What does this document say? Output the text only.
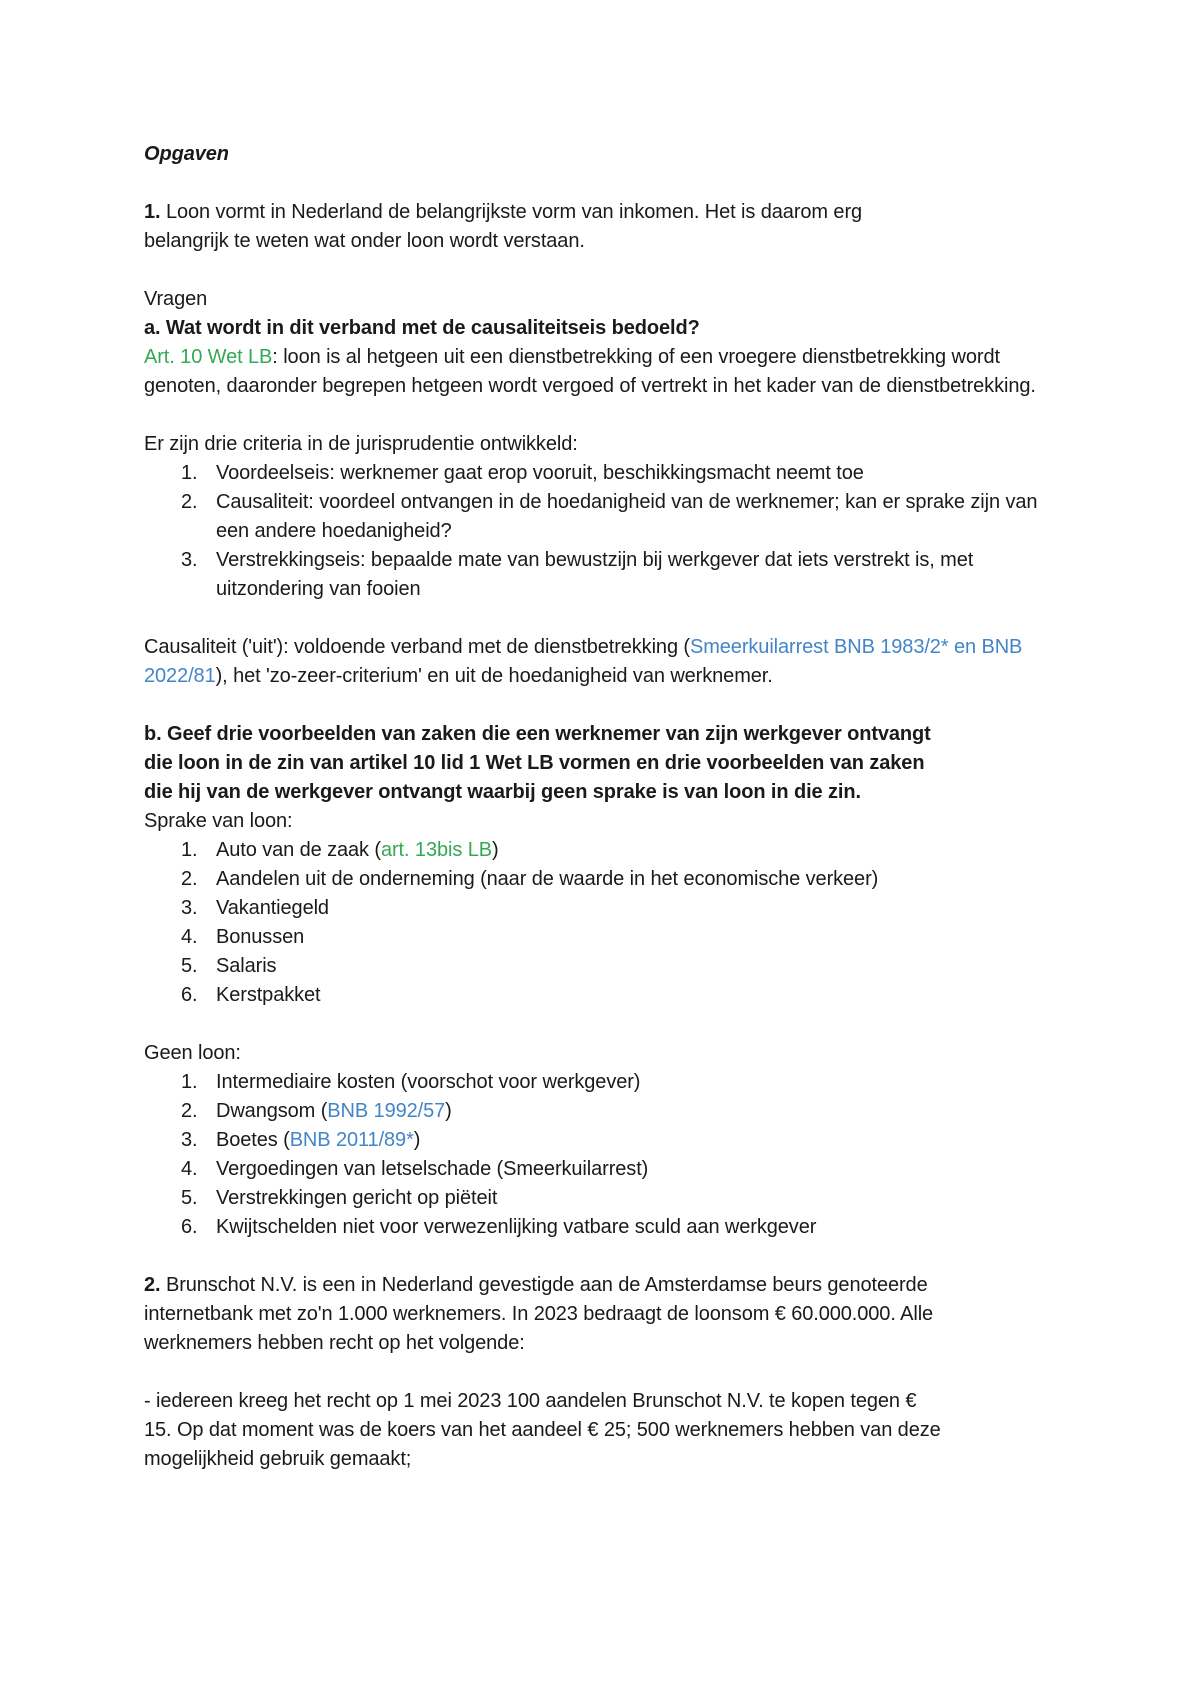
Opgaven

1. Loon vormt in Nederland de belangrijkste vorm van inkomen. Het is daarom erg belangrijk te weten wat onder loon wordt verstaan.

Vragen

a. Wat wordt in dit verband met de causaliteitseis bedoeld?

Art. 10 Wet LB: loon is al hetgeen uit een dienstbetrekking of een vroegere dienstbetrekking wordt genoten, daaronder begrepen hetgeen wordt vergoed of vertrekt in het kader van de dienstbetrekking.

Er zijn drie criteria in de jurisprudentie ontwikkeld:

1. Voordeelseis: werknemer gaat erop vooruit, beschikkingsmacht neemt toe
2. Causaliteit: voordeel ontvangen in de hoedanigheid van de werknemer; kan er sprake zijn van een andere hoedanigheid?
3. Verstrekkingseis: bepaalde mate van bewustzijn bij werkgever dat iets verstrekt is, met uitzondering van fooien

Causaliteit ('uit'): voldoende verband met de dienstbetrekking (Smeerkuilarrest BNB 1983/2* en BNB 2022/81), het 'zo-zeer-criterium' en uit de hoedanigheid van werknemer.

b. Geef drie voorbeelden van zaken die een werknemer van zijn werkgever ontvangt die loon in de zin van artikel 10 lid 1 Wet LB vormen en drie voorbeelden van zaken die hij van de werkgever ontvangt waarbij geen sprake is van loon in die zin.

Sprake van loon:

1. Auto van de zaak (art. 13bis LB)
2. Aandelen uit de onderneming (naar de waarde in het economische verkeer)
3. Vakantiegeld
4. Bonussen
5. Salaris
6. Kerstpakket

Geen loon:

1. Intermediaire kosten (voorschot voor werkgever)
2. Dwangsom (BNB 1992/57)
3. Boetes (BNB 2011/89*)
4. Vergoedingen van letselschade (Smeerkuilarrest)
5. Verstrekkingen gericht op piëteit
6. Kwijtschelden niet voor verwezenlijking vatbare sculd aan werkgever

2. Brunschot N.V. is een in Nederland gevestigde aan de Amsterdamse beurs genoteerde internetbank met zo'n 1.000 werknemers. In 2023 bedraagt de loonsom € 60.000.000. Alle werknemers hebben recht op het volgende:

- iedereen kreeg het recht op 1 mei 2023 100 aandelen Brunschot N.V. te kopen tegen € 15. Op dat moment was de koers van het aandeel € 25; 500 werknemers hebben van deze mogelijkheid gebruik gemaakt;
